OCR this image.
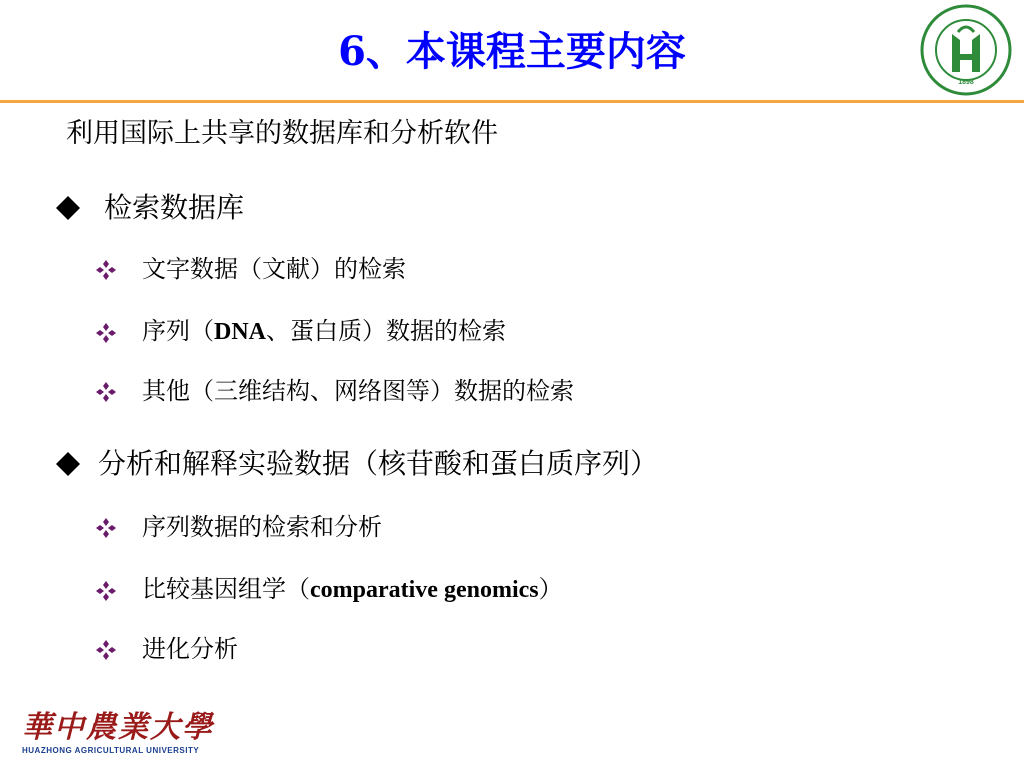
6、本课程主要内容
1898
利用国际上共享的数据库和分析软件
检索数据库
文字数据（文献）的检索
序列（DNA、蛋白质）数据的检索
其他（三维结构、网络图等）数据的检索
分析和解释实验数据（核苷酸和蛋白质序列）
序列数据的检索和分析
比较基因组学（comparative genomics）
进化分析
華中農業大學
HUAZHONG AGRICULTURAL UNIVERSITY
